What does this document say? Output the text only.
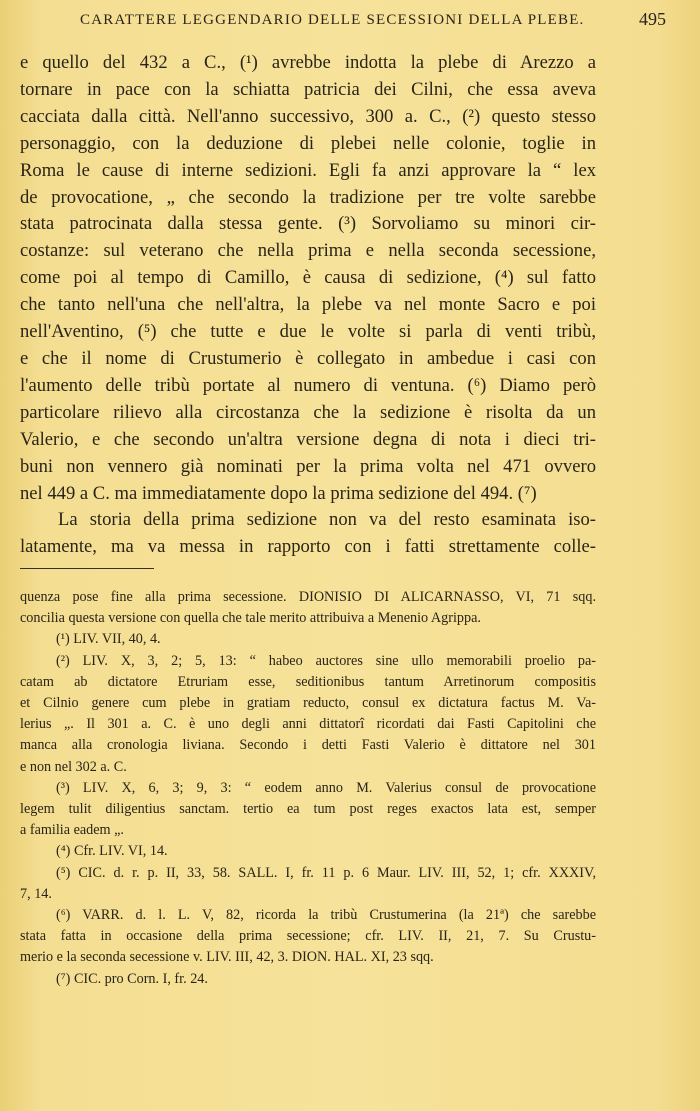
CARATTERE LEGGENDARIO DELLE SECESSIONI DELLA PLEBE.	495
e quello del 432 a C., (¹) avrebbe indotta la plebe di Arezzo a
tornare in pace con la schiatta patricia dei Cilni, che essa aveva
cacciata dalla città. Nell'anno successivo, 300 a. C., (²) questo stesso
personaggio, con la deduzione di plebei nelle colonie, toglie in
Roma le cause di interne sedizioni. Egli fa anzi approvare la “ lex
de provocatione, „ che secondo la tradizione per tre volte sarebbe
stata patrocinata dalla stessa gente. (³) Sorvoliamo su minori cir-
costanze: sul veterano che nella prima e nella seconda secessione,
come poi al tempo di Camillo, è causa di sedizione, (⁴) sul fatto
che tanto nell'una che nell'altra, la plebe va nel monte Sacro e poi
nell'Aventino, (⁵) che tutte e due le volte si parla di venti tribù,
e che il nome di Crustumerio è collegato in ambedue i casi con
l'aumento delle tribù portate al numero di ventuna. (⁶) Diamo però
particolare rilievo alla circostanza che la sedizione è risolta da un
Valerio, e che secondo un'altra versione degna di nota i dieci tri-
buni non vennero già nominati per la prima volta nel 471 ovvero
nel 449 a C. ma immediatamente dopo la prima sedizione del 494. (⁷)
La storia della prima sedizione non va del resto esaminata iso-
latamente, ma va messa in rapporto con i fatti strettamente colle-
quenza pose fine alla prima secessione. DIONISIO DI ALICARNASSO, VI, 71 sqq.
concilia questa versione con quella che tale merito attribuiva a Menenio Agrippa.
(¹) LIV. VII, 40, 4.
(²) LIV. X, 3, 2; 5, 13: “ habeo auctores sine ullo memorabili proelio pa-
catam ab dictatore Etruriam esse, seditionibus tantum Arretinorum compositis
et Cilnio genere cum plebe in gratiam reducto, consul ex dictatura factus M. Va-
lerius „. Il 301 a. C. è uno degli anni dittatorî ricordati dai Fasti Capitolini che
manca alla cronologia liviana. Secondo i detti Fasti Valerio è dittatore nel 301
e non nel 302 a. C.
(³) LIV. X, 6, 3; 9, 3: “ eodem anno M. Valerius consul de provocatione
legem tulit diligentius sanctam. tertio ea tum post reges exactos lata est, semper
a familia eadem „.
(⁴) Cfr. LIV. VI, 14.
(⁵) CIC. d. r. p. II, 33, 58. SALL. I, fr. 11 p. 6 Maur. LIV. III, 52, 1; cfr. XXXIV,
7, 14.
(⁶) VARR. d. l. L. V, 82, ricorda la tribù Crustumerina (la 21ª) che sarebbe
stata fatta in occasione della prima secessione; cfr. LIV. II, 21, 7. Su Crustu-
merio e la seconda secessione v. LIV. III, 42, 3. DION. HAL. XI, 23 sqq.
(⁷) CIC. pro Corn. I, fr. 24.
